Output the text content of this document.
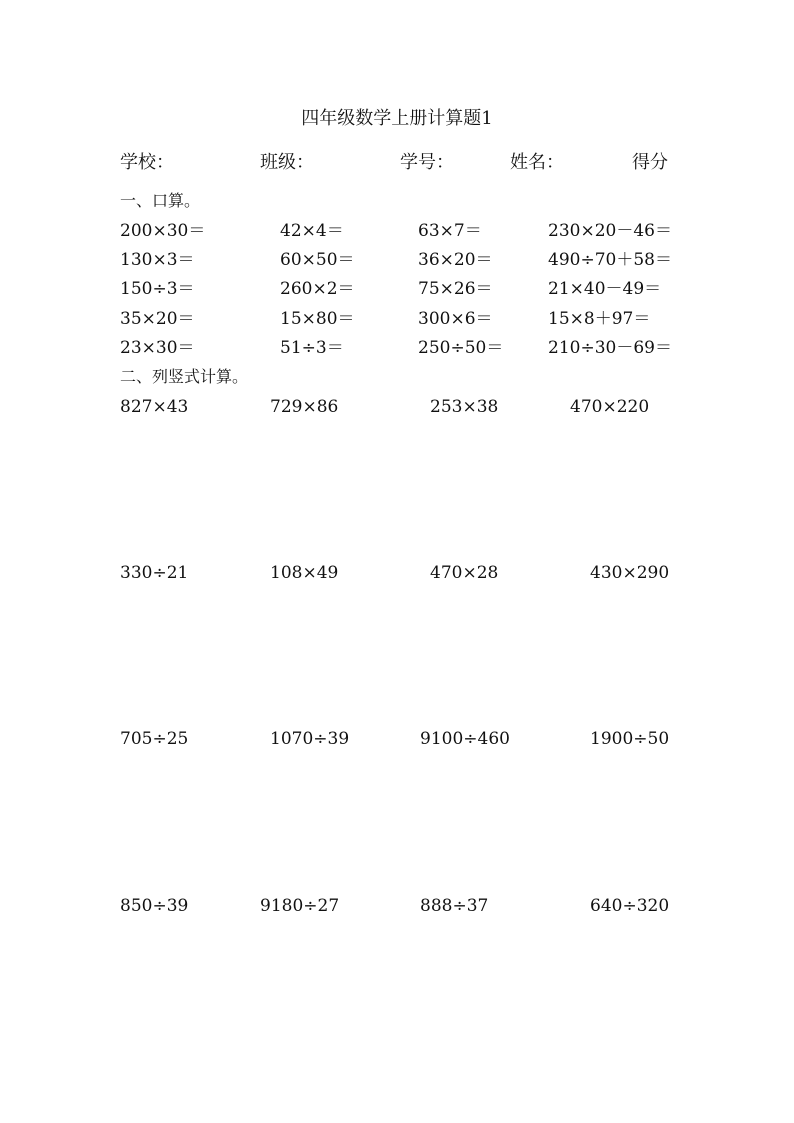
四年级数学上册计算题1
学校：	班级：	学号：	姓名：	得分
一、口算。
200×30＝	42×4＝	63×7＝	230×20－46＝
130×3＝	60×50＝	36×20＝	490÷70＋58＝
150÷3＝	260×2＝	75×26＝	21×40－49＝
35×20＝	15×80＝	300×6＝	15×8＋97＝
23×30＝	51÷3＝	250÷50＝	210÷30－69＝
二、列竖式计算。
827×43	729×86	253×38	470×220
330÷21	108×49	470×28	430×290
705÷25	1070÷39	9100÷460	1900÷50
850÷39	9180÷27	888÷37	640÷320
